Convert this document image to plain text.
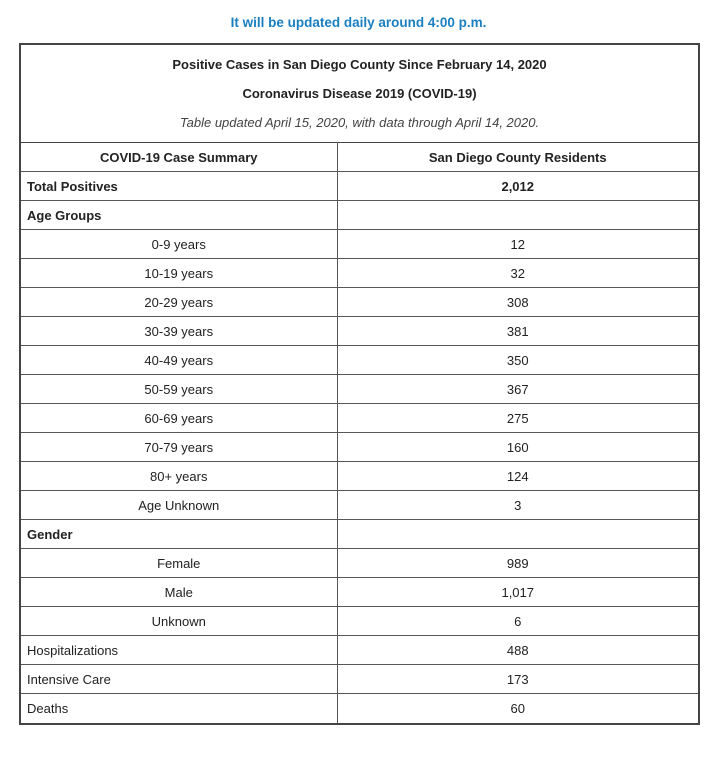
It will be updated daily around 4:00 p.m.
Positive Cases in San Diego County Since February 14, 2020
Coronavirus Disease 2019 (COVID-19)
Table updated April 15, 2020, with data through April 14, 2020.
COVID-19 Case Summary	San Diego County Residents
Total Positives	2,012
Age Groups	
0-9 years	12
10-19 years	32
20-29 years	308
30-39 years	381
40-49 years	350
50-59 years	367
60-69 years	275
70-79 years	160
80+ years	124
Age Unknown	3
Gender	
Female	989
Male	1,017
Unknown	6
Hospitalizations	488
Intensive Care	173
Deaths	60
